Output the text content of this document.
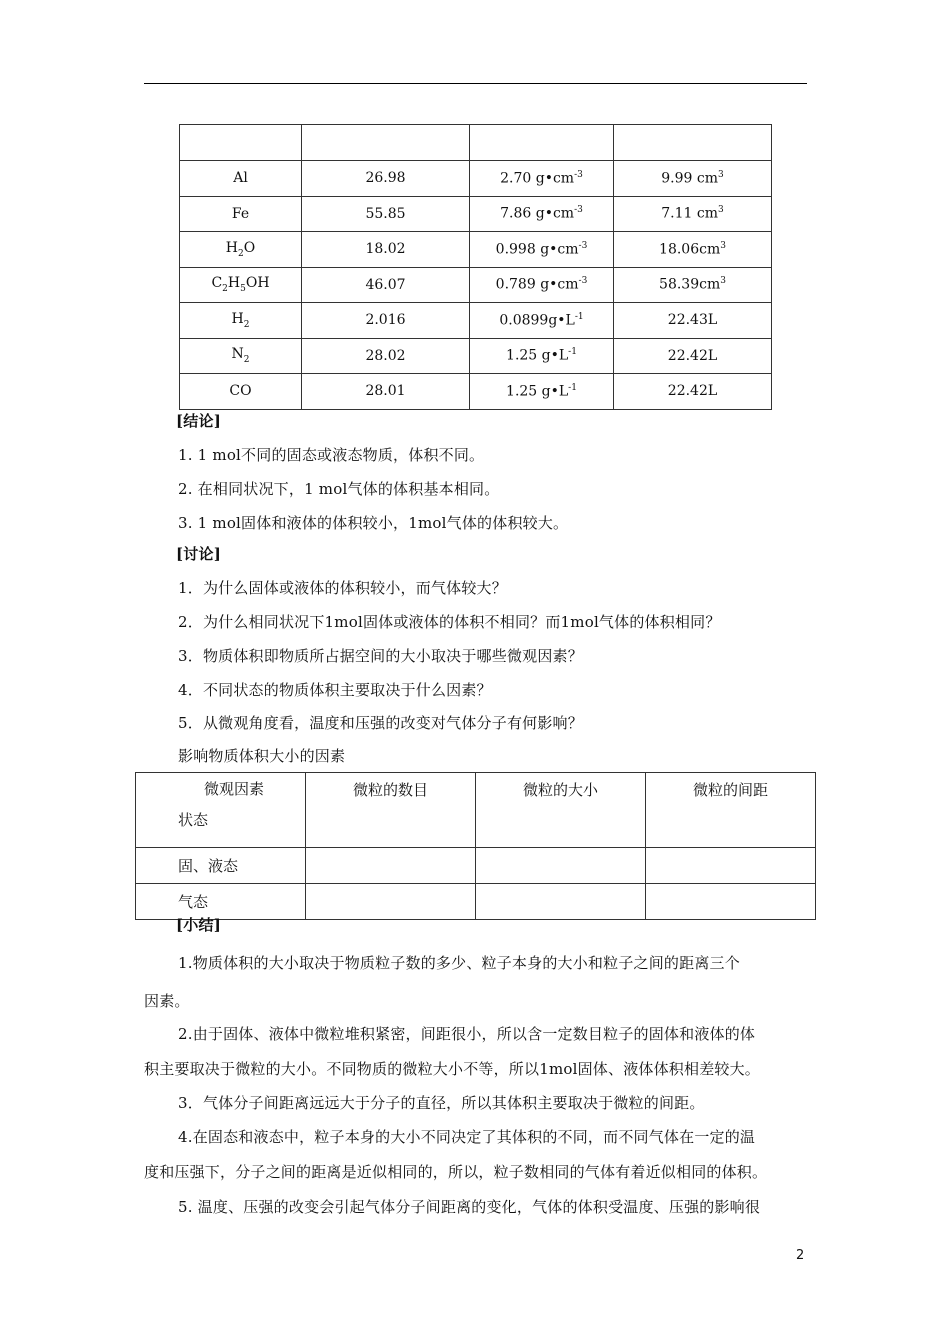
Al	26.98	2.70 $g•cm^{-3}$	9.99 $cm^3$
Fe	55.85	7.86 $g•cm^{-3}$	7.11 $cm^3$
$H_2O$	18.02	0.998 $g•cm^{-3}$	$18.06cm^3$
$C_2H_5OH$	46.07	0.789 $g•cm^{-3}$	$58.39cm^3$
$H_2$	2.016	$0.0899g•L^{-1}$	22.43L
$N_2$	28.02	1.25 $g•L^{-1}$	22.42L
CO	28.01	1.25 $g•L^{-1}$	22.42L
[结论]
1. 1 mol不同的固态或液态物质，体积不同。
2. 在相同状况下，1 mol气体的体积基本相同。
3. 1 mol固体和液体的体积较小，1mol气体的体积较大。
[讨论]
1．为什么固体或液体的体积较小，而气体较大？
2．为什么相同状况下1mol固体或液体的体积不相同？而1mol气体的体积相同？
3．物质体积即物质所占据空间的大小取决于哪些微观因素？
4．不同状态的物质体积主要取决于什么因素？
5．从微观角度看，温度和压强的改变对气体分子有何影响？
影响物质体积大小的因素
微观因素
状态	微粒的数目	微粒的大小	微粒的间距
固、液态			
气态			
[小结]
1.物质体积的大小取决于物质粒子数的多少、粒子本身的大小和粒子之间的距离三个
因素。
2.由于固体、液体中微粒堆积紧密，间距很小，所以含一定数目粒子的固体和液体的体
积主要取决于微粒的大小。不同物质的微粒大小不等，所以1mol固体、液体体积相差较大。
3．气体分子间距离远远大于分子的直径，所以其体积主要取决于微粒的间距。
4.在固态和液态中，粒子本身的大小不同决定了其体积的不同，而不同气体在一定的温
度和压强下，分子之间的距离是近似相同的，所以，粒子数相同的气体有着近似相同的体积。
5. 温度、压强的改变会引起气体分子间距离的变化，气体的体积受温度、压强的影响很
2
